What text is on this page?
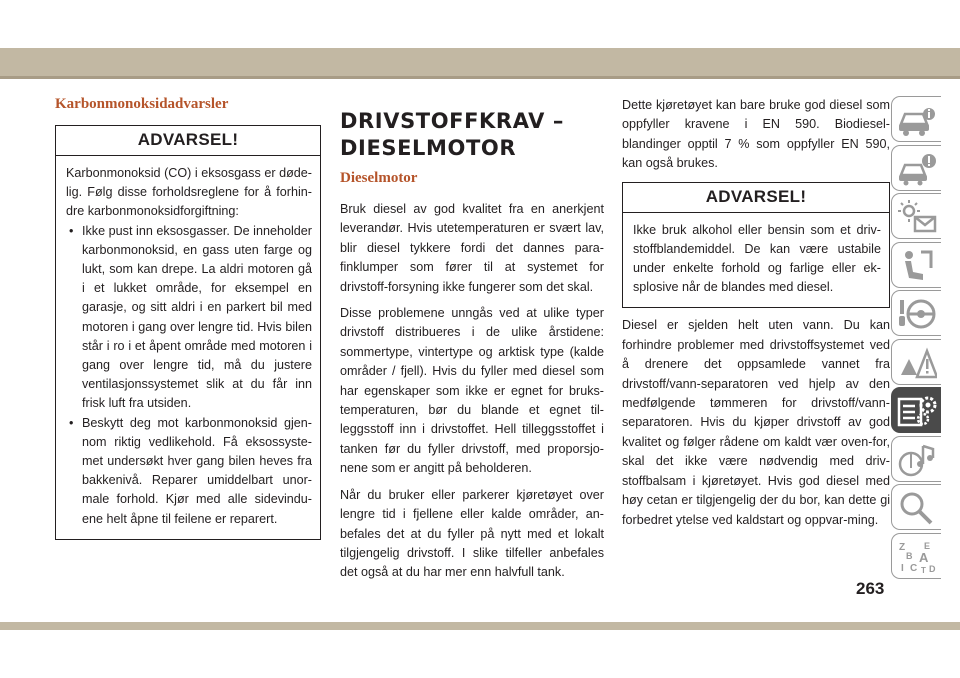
Karbonmonoksidadvarsler
ADVARSEL!

Karbonmonoksid (CO) i eksosgass er døde-lig. Følg disse forholdsreglene for å forhin-dre karbonmonoksidforgiftning:

• Ikke pust inn eksosgasser. De inneholder karbonmonoksid, en gass uten farge og lukt, som kan drepe. La aldri motoren gå i et lukket område, for eksempel en garasje, og sitt aldri i en parkert bil med motoren i gang over lengre tid. Hvis bilen står i ro i et åpent område med motoren i gang over lengre tid, må du justere ventilasjonssystemet slik at du får inn frisk luft fra utsiden.
• Beskytt deg mot karbonmonoksid gjen-nom riktig vedlikehold. Få eksossyste-met undersøkt hver gang bilen heves fra bakkenivå. Reparer umiddelbart unor-male forhold. Kjør med alle sidevindu-ene helt åpne til feilene er reparert.
DRIVSTOFFKRAV –
DIESELMOTOR
Dieselmotor

Bruk diesel av god kvalitet fra en anerkjent leverandør. Hvis utetemperaturen er svært lav, blir diesel tykkere fordi det dannes para-finklumper som fører til at systemet for drivstoff-forsyning ikke fungerer som det skal.

Disse problemene unngås ved at ulike typer drivstoff distribueres i de ulike årstidene: sommertype, vintertype og arktisk type (kalde områder / fjell). Hvis du fyller med diesel som har egenskaper som ikke er egnet for bruks-temperaturen, bør du blande et egnet til-leggsstoff inn i drivstoffet. Hell tilleggsstoffet i tanken før du fyller drivstoff, med proporsjo-nene som er angitt på beholderen.

Når du bruker eller parkerer kjøretøyet over lengre tid i fjellene eller kalde områder, an-befales det at du fyller på nytt med et lokalt tilgjengelig drivstoff. I slike tilfeller anbefales det også at du har mer enn halvfull tank.

Dette kjøretøyet kan bare bruke god diesel som oppfyller kravene i EN 590. Biodiesel-blandinger opptil 7 % som oppfyller EN 590, kan også brukes.

ADVARSEL!

Ikke bruk alkohol eller bensin som et driv-stoffblandemiddel. De kan være ustabile under enkelte forhold og farlige eller ek-splosive når de blandes med diesel.

Diesel er sjelden helt uten vann. Du kan forhindre problemer med drivstoffsystemet ved å drenere det oppsamlede vannet fra drivstoff/vann-separatoren ved hjelp av den medfølgende tømmeren for drivstoff/vann-separatoren. Hvis du kjøper drivstoff av god kvalitet og følger rådene om kaldt vær oven-for, skal det ikke være nødvendig med driv-stoffbalsam i kjøretøyet. Hvis god diesel med høy cetan er tilgjengelig der du bor, kan dette gi forbedret ytelse ved kaldstart og oppvar-ming.

Z E
B A
I C T D
263
